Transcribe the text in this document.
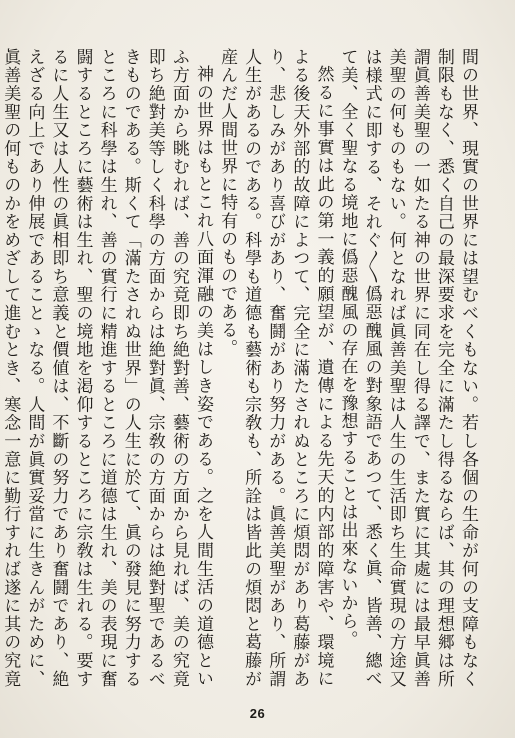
間の世界、現實の世界には望むべくもない。若し各個の生命が何の支障もなく制限もなく、悉く自己の最深要求を完全に滿たし得るならば、其の理想郷は所謂眞善美聖の一如たる神の世界に同在し得る譯で、また實に其處には最早眞善美聖の何ものもない。何となれば眞善美聖は人生の生活即ち生命實現の方途又は様式に即する、それぐ〳〵僞惡醜風の對象語であつて、悉く眞、皆善、總べて美、全く聖なる境地に僞惡醜風の存在を豫想することは出來ないから。

然るに事實は此の第一義的願望が、遺傳による先天的内部的障害や、環境による後天外部的故障によつて、完全に滿たされぬところに煩悶があり葛藤があり、悲しみがあり喜びがあり、奮鬪があり努力がある。眞善美聖があり、所謂人生があるのである。科學も道德も藝術も宗敎も、所詮は皆此の煩悶と葛藤が産んだ人間世界に特有のものである。

神の世界はもとこれ八面渾融の美はしき姿である。之を人間生活の道德といふ方面から眺むれば、善の究竟即ち絶對善、藝術の方面から見れば、美の究竟即ち絶對美等しく科學の方面からは絶對眞、宗敎の方面からは絶對聖であるべきものである。斯くて「滿たされぬ世界」の人生に於て、眞の發見に努力するところに科學は生れ、善の實行に精進するところに道德は生れ、美の表現に奮闘するところに藝術は生れ、聖の境地を渇仰するところに宗敎は生れる。要するに人生又は人性の眞相即ち意義と價値は、不斷の努力であり奮鬪であり、絶えざる向上であり伸展であることゝなる。人間が眞實妥當に生きんがために、眞善美聖の何ものかをめざして進むとき、寒念一意に勤行すれば遂に其の究竟

26
